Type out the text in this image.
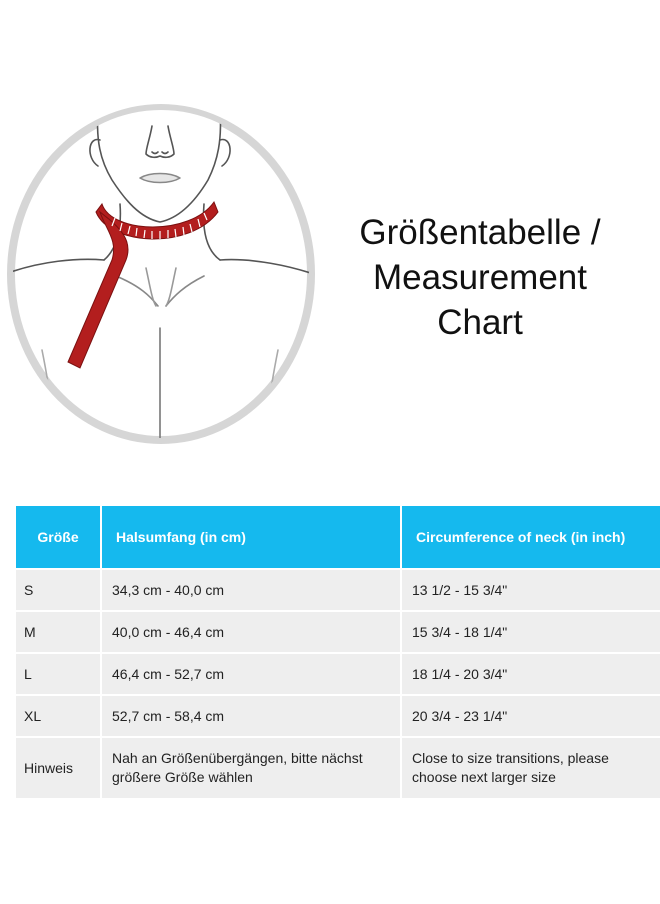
Größentabelle /
Measurement
Chart
Größe	Halsumfang (in cm)	Circumference of neck (in inch)
S	34,3 cm - 40,0 cm	13 1/2 - 15 3/4"
M	40,0 cm - 46,4 cm	15 3/4 - 18 1/4"
L	46,4 cm - 52,7 cm	18 1/4 - 20 3/4"
XL	52,7 cm - 58,4 cm	20 3/4 - 23 1/4"
Hinweis	Nah an Größenübergängen, bitte nächst größere Größe wählen	Close to size transitions, please choose next larger size
